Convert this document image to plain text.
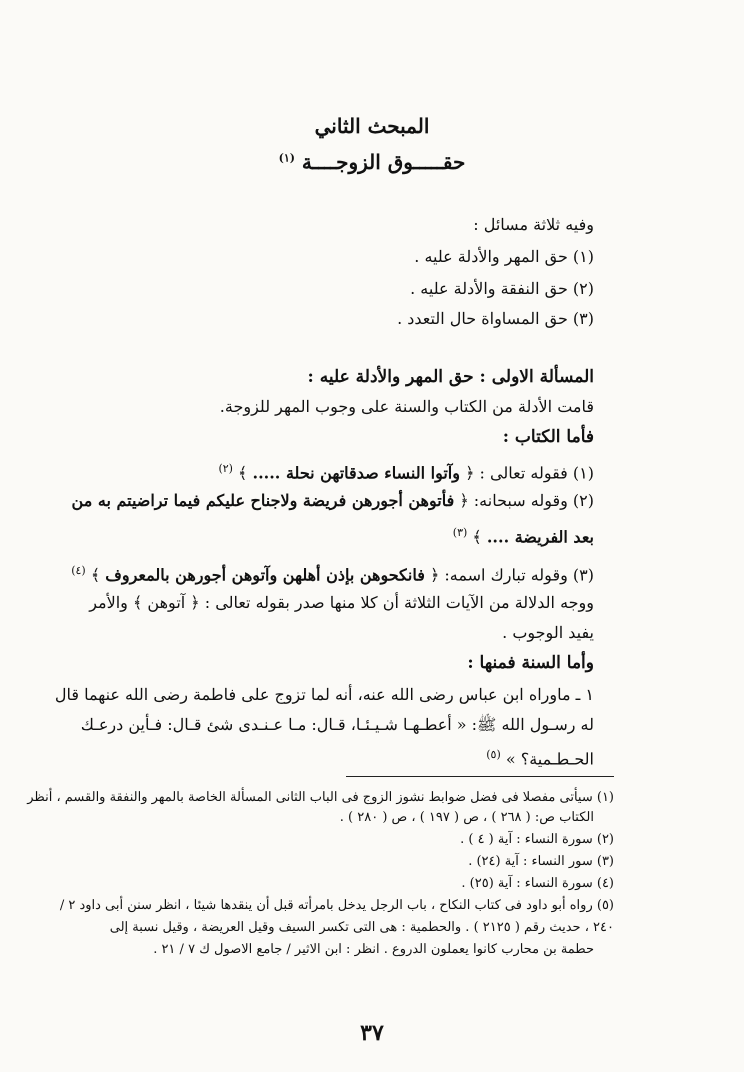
المبحث الثاني
حقـــــوق الزوجــــة $^{(١)}$
وفيه ثلاثة مسائل :
(١) حق المهر والأدلة عليه .
(٢) حق النفقة والأدلة عليه .
(٣) حق المساواة حال التعدد .
المسألة الاولى : حق المهر والأدلة عليه :
قامت الأدلة من الكتاب والسنة على وجوب المهر للزوجة.
فأما الكتاب :
(١) فقوله تعالى : ﴿ وآتوا النساء صدقاتهن نحلة ..... ﴾ $^{(٢)}$
(٢) وقوله سبحانه: ﴿ فأتوهن أجورهن فريضة ولاجناح عليكم فيما تراضيتم به من
بعد الفريضة .... ﴾ $^{(٣)}$
(٣) وقوله تبارك اسمه: ﴿ فانكحوهن بإذن أهلهن وآتوهن أجورهن بالمعروف ﴾ $^{(٤)}$
ووجه الدلالة من الآيات الثلاثة أن كلا منها صدر بقوله تعالى : ﴿ آتوهن ﴾ والأمر
يفيد الوجوب .
وأما السنة فمنها :
١ ـ ماوراه ابن عباس رضى الله عنه، أنه لما تزوج على فاطمة رضى الله عنهما قال
له رسـول الله ﷺ: « أعطـهـا شـيـئـا، قـال: مـا عـنـدى شئ قـال: فـأين درعـك
الحـطـمية؟ » $^{(٥)}$
(١) سيأتى مفصلا فى فضل ضوابط نشوز الزوج فى الباب الثانى المسألة الخاصة بالمهر والنفقة والقسم ، أنظر
الكتاب ص: ( ٢٦٨ ) ، ص ( ١٩٧ ) ، ص ( ٢٨٠ ) .
(٢) سورة النساء : آية ( ٤ ) .
(٣) سور النساء : آية (٢٤) .
(٤) سورة النساء : آية (٢٥) .
(٥) رواه أبو داود فى كتاب النكاح ، باب الرجل يدخل بامرأته قبل أن ينقدها شيئا ، انظر سنن أبى داود ٢ /
٢٤٠ ، حديث رقم ( ٢١٢٥ ) . والحطمية : هى التى تكسر السيف وقيل العريضة ، وقيل نسبة إلى
حطمة بن محارب كانوا يعملون الدروع . انظر : ابن الاثير / جامع الاصول ك ٧ / ٢١ .
٣٧
